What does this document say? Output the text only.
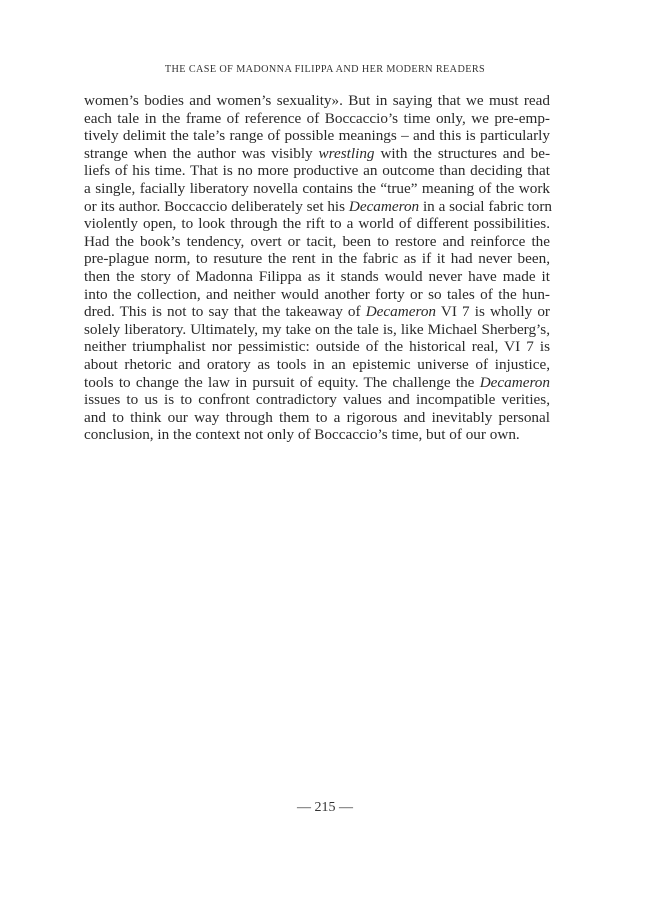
THE CASE OF MADONNA FILIPPA AND HER MODERN READERS
women’s bodies and women’s sexuality». But in saying that we must read
each tale in the frame of reference of Boccaccio’s time only, we pre-emp-
tively delimit the tale’s range of possible meanings – and this is particularly
strange when the author was visibly wrestling with the structures and be-
liefs of his time. That is no more productive an outcome than deciding that
a single, facially liberatory novella contains the “true” meaning of the work
or its author. Boccaccio deliberately set his Decameron in a social fabric torn
violently open, to look through the rift to a world of different possibilities.
Had the book’s tendency, overt or tacit, been to restore and reinforce the
pre-plague norm, to resuture the rent in the fabric as if it had never been,
then the story of Madonna Filippa as it stands would never have made it
into the collection, and neither would another forty or so tales of the hun-
dred. This is not to say that the takeaway of Decameron VI 7 is wholly or
solely liberatory. Ultimately, my take on the tale is, like Michael Sherberg’s,
neither triumphalist nor pessimistic: outside of the historical real, VI 7 is
about rhetoric and oratory as tools in an epistemic universe of injustice,
tools to change the law in pursuit of equity. The challenge the Decameron
issues to us is to confront contradictory values and incompatible verities,
and to think our way through them to a rigorous and inevitably personal
conclusion, in the context not only of Boccaccio’s time, but of our own.
— 215 —
